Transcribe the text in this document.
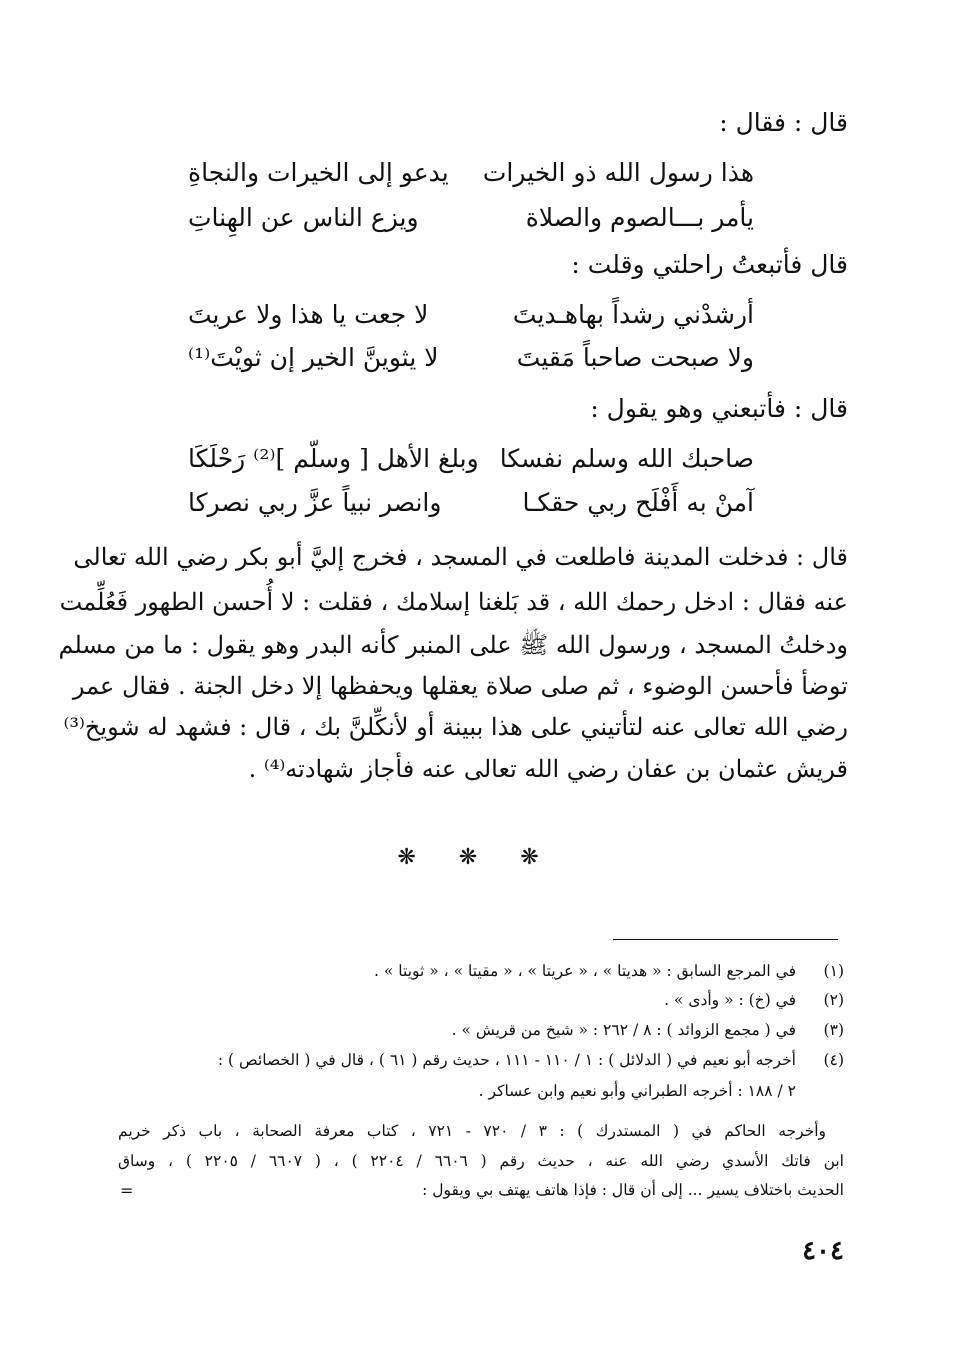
قال : فقال :
هذا رسول الله ذو الخيرات
يدعو إلى الخيرات والنجاةِ
يأمر بـــالصوم والصلاة
ويزع الناس عن الهِناتِ
قال فأتبعتُ راحلتي وقلت :
أرشدْني رشداً بهاهـديتَ
لا جعت يا هذا ولا عريتَ
ولا صبحت صاحباً مَقيتَ
لا يثوينَّ الخير إن ثويْتَ⁽¹⁾
قال : فأتبعني وهو يقول :
صاحبك الله وسلم نفسكا
وبلغ الأهل [ وسلّم ]⁽²⁾ رَحْلَكَا
آمنْ به أَفْلَح ربي حقكـا
وانصر نبياً عزَّ ربي نصركا
قال : فدخلت المدينة فاطلعت في المسجد ، فخرج إليَّ أبو بكر رضي الله تعالى
عنه فقال : ادخل رحمك الله ، قد بَلغنا إسلامك ، فقلت : لا أُحسن الطهور فَعُلِّمت
ودخلتُ المسجد ، ورسول الله ﷺ على المنبر كأنه البدر وهو يقول : ما من مسلم
توضأ فأحسن الوضوء ، ثم صلى صلاة يعقلها ويحفظها إلا دخل الجنة . فقال عمر
رضي الله تعالى عنه لتأتيني على هذا ببينة أو لأنكِّلنَّ بك ، قال : فشهد له شويخ⁽³⁾
قريش عثمان بن عفان رضي الله تعالى عنه فأجاز شهادته⁽⁴⁾ .
❋ ❋ ❋
(١)
في المرجع السابق : « هديتا » ، « عريتا » ، « مقيتا » ، « ثويتا » .
(٢)
في (خ) : « وأدى » .
(٣)
في ( مجمع الزوائد ) : ٨ / ٢٦٢ : « شيخ من قريش » .
(٤)
أخرجه أبو نعيم في ( الدلائل ) : ١ / ١١٠ - ١١١ ، حديث رقم ( ٦١ ) ، قال في ( الخصائص ) :
٢ / ١٨٨ : أخرجه الطبراني وأبو نعيم وابن عساكر .
وأخرجه الحاكم في ( المستدرك ) : ٣ / ٧٢٠ - ٧٢١ ، كتاب معرفة الصحابة ، باب ذكر خريم
ابن فاتك الأسدي رضي الله عنه ، حديث رقم ( ٦٦٠٦ / ٢٢٠٤ ) ، ( ٦٦٠٧ / ٢٢٠٥ ) ، وساق
الحديث باختلاف يسير ... إلى أن قال : فإذا هاتف يهتف بي ويقول :
=
٤٠٤
